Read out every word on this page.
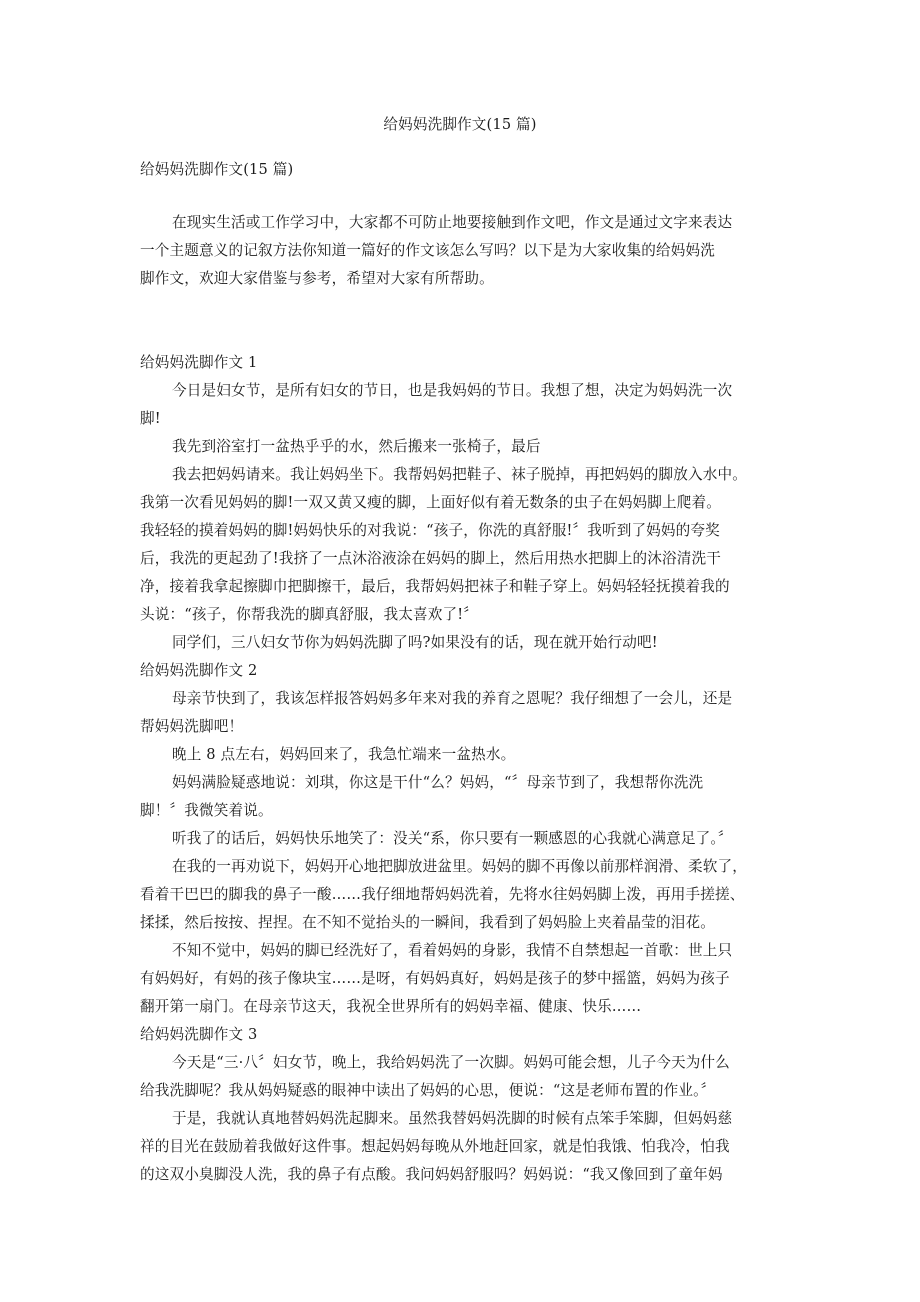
给妈妈洗脚作文(15 篇)
给妈妈洗脚作文(15 篇)
在现实生活或工作学习中，大家都不可防止地要接触到作文吧，作文是通过文字来表达
一个主题意义的记叙方法你知道一篇好的作文该怎么写吗？以下是为大家收集的给妈妈洗
脚作文，欢迎大家借鉴与参考，希望对大家有所帮助。
给妈妈洗脚作文 1
今日是妇女节，是所有妇女的节日，也是我妈妈的节日。我想了想，决定为妈妈洗一次
脚!
我先到浴室打一盆热乎乎的水，然后搬来一张椅子，最后
我去把妈妈请来。我让妈妈坐下。我帮妈妈把鞋子、袜子脱掉，再把妈妈的脚放入水中。
我第一次看见妈妈的脚!一双又黄又瘦的脚，上面好似有着无数条的虫子在妈妈脚上爬着。
我轻轻的摸着妈妈的脚!妈妈快乐的对我说：“孩子，你洗的真舒服!〞我听到了妈妈的夸奖
后，我洗的更起劲了!我挤了一点沐浴液涂在妈妈的脚上，然后用热水把脚上的沐浴清洗干
净，接着我拿起擦脚巾把脚擦干，最后，我帮妈妈把袜子和鞋子穿上。妈妈轻轻抚摸着我的
头说：“孩子，你帮我洗的脚真舒服，我太喜欢了!〞
同学们，三八妇女节你为妈妈洗脚了吗?如果没有的话，现在就开始行动吧!
给妈妈洗脚作文 2
母亲节快到了，我该怎样报答妈妈多年来对我的养育之恩呢？我仔细想了一会儿，还是
帮妈妈洗脚吧！
晚上 8 点左右，妈妈回来了，我急忙端来一盆热水。
妈妈满脸疑惑地说：刘琪，你这是干什“么？妈妈，“〞母亲节到了，我想帮你洗洗
脚！〞我微笑着说。
听我了的话后，妈妈快乐地笑了：没关“系，你只要有一颗感恩的心我就心满意足了。〞
在我的一再劝说下，妈妈开心地把脚放进盆里。妈妈的脚不再像以前那样润滑、柔软了，
看着干巴巴的脚我的鼻子一酸……我仔细地帮妈妈洗着，先将水往妈妈脚上泼，再用手搓搓、
揉揉，然后按按、捏捏。在不知不觉抬头的一瞬间，我看到了妈妈脸上夹着晶莹的泪花。
不知不觉中，妈妈的脚已经洗好了，看着妈妈的身影，我情不自禁想起一首歌：世上只
有妈妈好，有妈的孩子像块宝……是呀，有妈妈真好，妈妈是孩子的梦中摇篮，妈妈为孩子
翻开第一扇门。在母亲节这天，我祝全世界所有的妈妈幸福、健康、快乐……
给妈妈洗脚作文 3
今天是“三·八〞妇女节，晚上，我给妈妈洗了一次脚。妈妈可能会想，儿子今天为什么
给我洗脚呢？我从妈妈疑惑的眼神中读出了妈妈的心思，便说：“这是老师布置的作业。〞
于是，我就认真地替妈妈洗起脚来。虽然我替妈妈洗脚的时候有点笨手笨脚，但妈妈慈
祥的目光在鼓励着我做好这件事。想起妈妈每晚从外地赶回家，就是怕我饿、怕我冷，怕我
的这双小臭脚没人洗，我的鼻子有点酸。我问妈妈舒服吗？妈妈说：“我又像回到了童年妈
